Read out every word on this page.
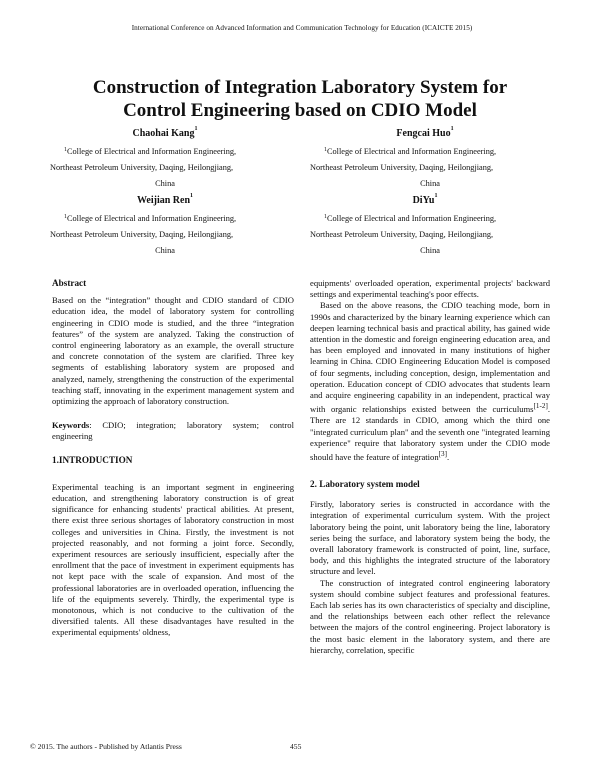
International Conference on Advanced Information and Communication Technology for Education (ICAICTE 2015)
Construction of Integration Laboratory System for
Control Engineering based on CDIO Model
Chaohai Kang$^1$
$^1$College of Electrical and Information Engineering,
Northeast Petroleum University, Daqing, Heilongjiang,

China
Fengcai Huo$^1$
$^1$College of Electrical and Information Engineering,
Northeast Petroleum University, Daqing, Heilongjiang,

China
Weijian Ren$^1$
$^1$College of Electrical and Information Engineering,
Northeast Petroleum University, Daqing, Heilongjiang,

China
DiYu$^1$
$^1$College of Electrical and Information Engineering,
Northeast Petroleum University, Daqing, Heilongjiang,

China

Abstract

Based on the “integration” thought and CDIO standard of CDIO education idea, the model of laboratory system for controlling engineering in CDIO mode is studied, and the three “integration features” of the system are analyzed. Taking the construction of control engineering laboratory as an example, the overall structure and concrete connotation of the system are clarified. Three key segments of establishing laboratory system are proposed and analyzed, namely, strengthening the construction of the experimental teaching staff, innovating in the experiment management system and optimizing the approach of laboratory construction.

Keywords: CDIO; integration; laboratory system; control engineering

1.INTRODUCTION

Experimental teaching is an important segment in engineering education, and strengthening laboratory construction is of great significance for enhancing students' practical abilities. At present, there exist three serious shortages of laboratory construction in most colleges and universities in China. Firstly, the investment is not projected reasonably, and not forming a joint force. Secondly, experiment resources are seriously insufficient, especially after the enrollment that the pace of investment in experiment equipments has not kept pace with the scale of expansion. And most of the professional laboratories are in overloaded operation, influencing the life of the equipments severely. Thirdly, the experimental type is monotonous, which is not conducive to the cultivation of the diversified talents. All these disadvantages have resulted in the experimental equipments' oldness,

equipments' overloaded operation, experimental projects' backward settings and experimental teaching's poor effects.

Based on the above reasons, the CDIO teaching mode, born in 1990s and characterized by the binary learning experience which can deepen learning technical basis and practical ability, has gained wide attention in the domestic and foreign engineering education area, and has been employed and innovated in many institutions of higher learning in China. CDIO Engineering Education Model is composed of four segments, including conception, design, implementation and operation. Education concept of CDIO advocates that students learn and acquire engineering capability in an independent, practical way with organic relationships existed between the curriculums[1-2]. There are 12 standards in CDIO, among which the third one "integrated curriculum plan" and the seventh one "integrated learning experience" require that laboratory system under the CDIO mode should have the feature of integration[3].

2. Laboratory system model

Firstly, laboratory series is constructed in accordance with the integration of experimental curriculum system. With the project laboratory being the point, unit laboratory being the line, laboratory series being the surface, and laboratory system being the body, the overall laboratory framework is constructed of point, line, surface, body, and this highlights the integrated structure of the laboratory structure and level.

The construction of integrated control engineering laboratory system should combine subject features and professional features. Each lab series has its own characteristics of specialty and discipline, and the relationships between each other reflect the relevance between the majors of the control engineering. Project laboratory is the most basic element in the laboratory system, and there are hierarchy, correlation, specific

© 2015. The authors - Published by Atlantis Press	455
